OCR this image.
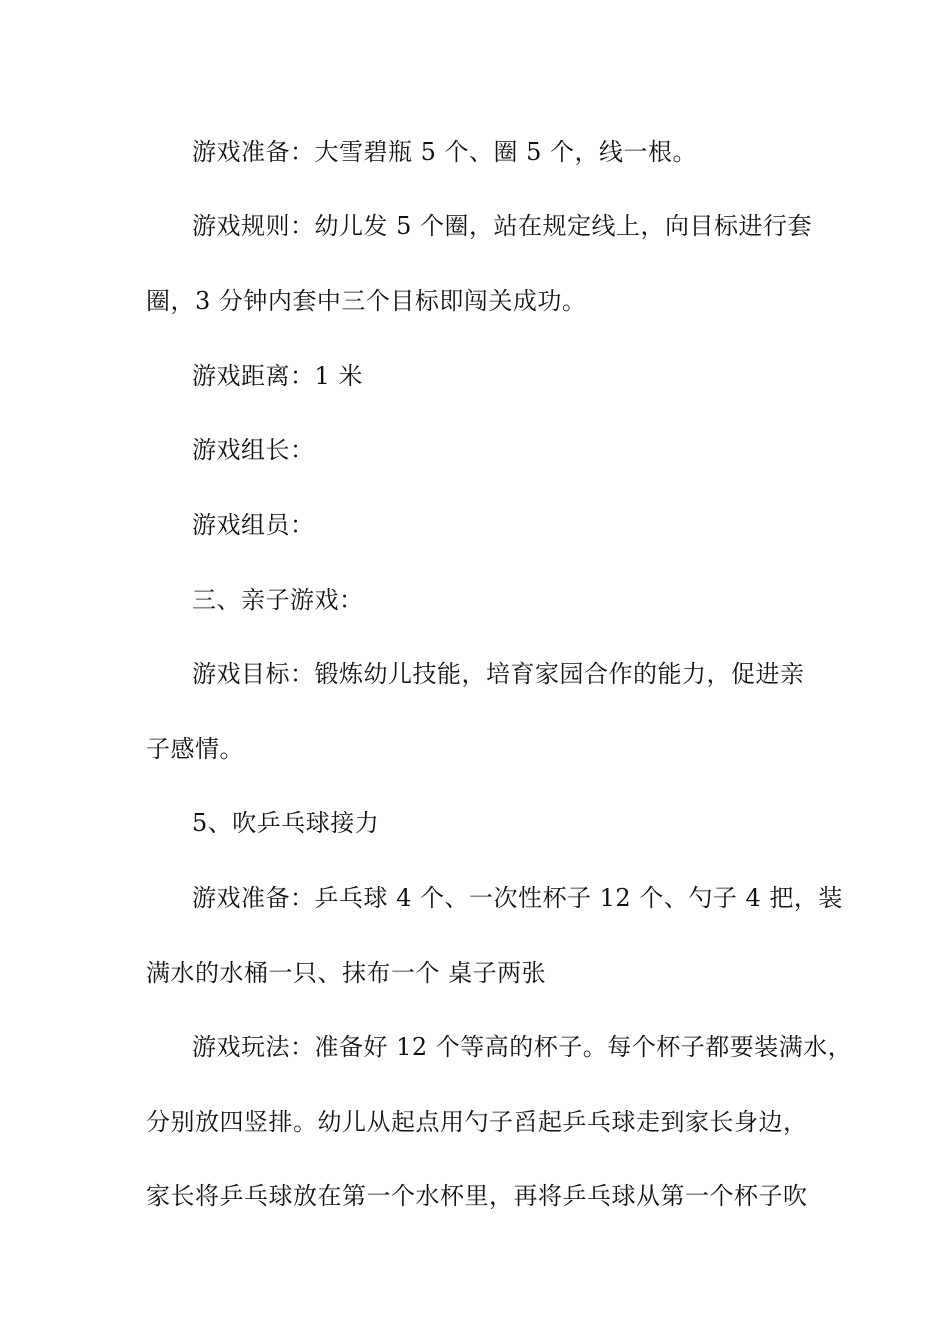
游戏准备：大雪碧瓶 5 个、圈 5 个，线一根。
游戏规则：幼儿发 5 个圈，站在规定线上，向目标进行套
圈，3 分钟内套中三个目标即闯关成功。
游戏距离：1 米
游戏组长：
游戏组员：
三、亲子游戏：
游戏目标：锻炼幼儿技能，培育家园合作的能力，促进亲
子感情。
5、吹乒乓球接力
游戏准备：乒乓球 4 个、一次性杯子 12 个、勺子 4 把，装
满水的水桶一只、抹布一个 桌子两张
游戏玩法：准备好 12 个等高的杯子。每个杯子都要装满水，
分别放四竖排。幼儿从起点用勺子舀起乒乓球走到家长身边，
家长将乒乓球放在第一个水杯里，再将乒乓球从第一个杯子吹
